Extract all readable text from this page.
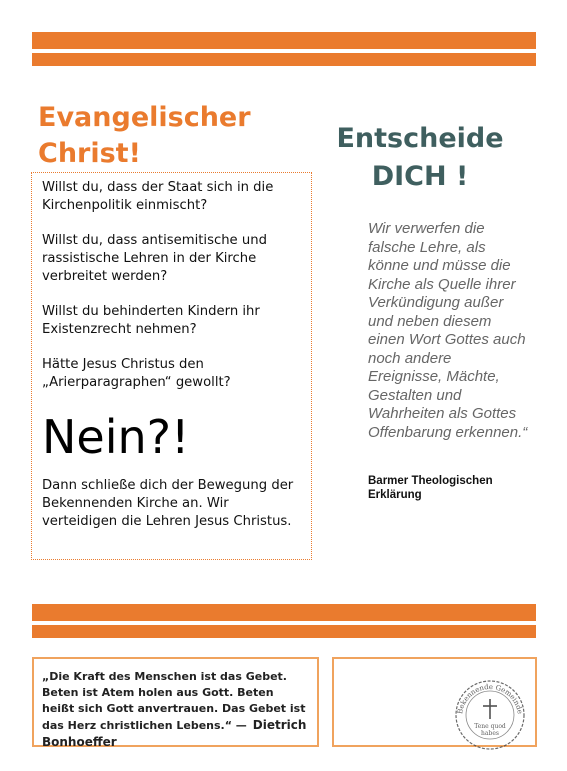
Evangelischer
Christ!	Entscheide
DICH !

Willst du, dass der Staat sich in die Kirchenpolitik einmischt?

Willst du, dass antisemitische und rassistische Lehren in der Kirche verbreitet werden?

Willst du behinderten Kindern ihr Existenzrecht nehmen?

Hätte Jesus Christus den „Arierparagraphen“ gewollt?

Nein?!

Dann schließe dich der Bewegung der Bekennenden Kirche an. Wir verteidigen die Lehren Jesus Christus.

Wir verwerfen die falsche Lehre, als könne und müsse die Kirche als Quelle ihrer Verkündigung außer und neben diesem einen Wort Gottes auch noch andere Ereignisse, Mächte, Gestalten und Wahrheiten als Gottes Offenbarung erkennen.“
Barmer Theologischen Erklärung
„Die Kraft des Menschen ist das Gebet. Beten ist Atem holen aus Gott. Beten heißt sich Gott anvertrauen. Das Gebet ist das Herz christlichen Lebens.“ — Dietrich Bonhoeffer
Bekennende Gemeinde
Tene quod
habes
